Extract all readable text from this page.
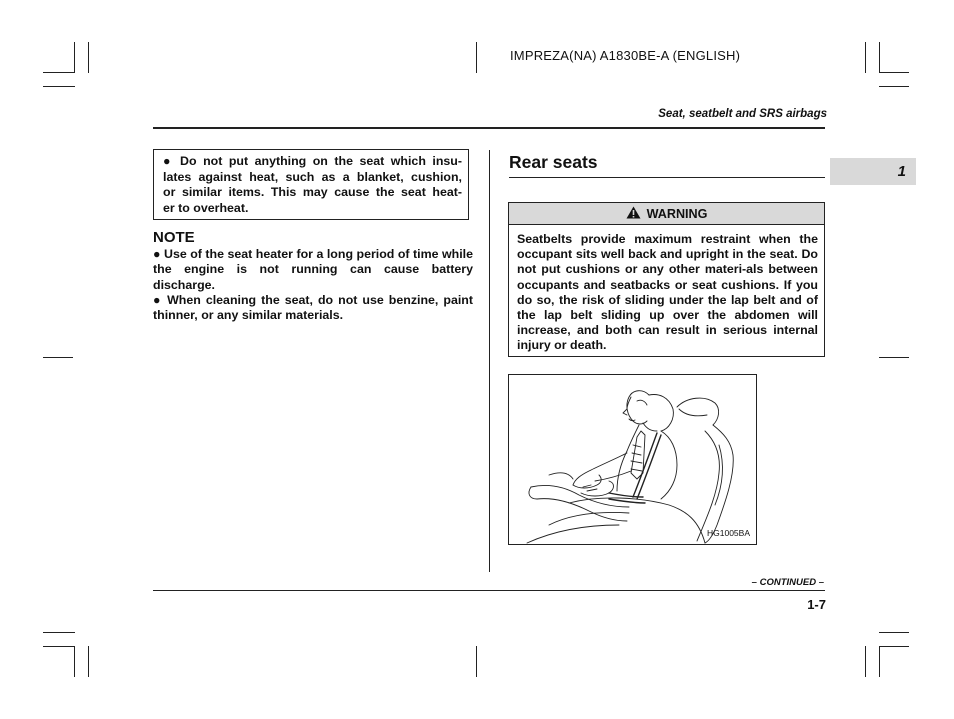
IMPREZA(NA) A1830BE-A (ENGLISH)
Seat, seatbelt and SRS airbags
1
● Do not put anything on the seat which insu-
lates against heat, such as a blanket, cushion,
or similar items. This may cause the seat heat-
er to overheat.
NOTE

● Use of the seat heater for a long period of time while the engine is not running can cause battery discharge.

● When cleaning the seat, do not use benzine, paint thinner, or any similar materials.

Rear seats
WARNING
Seatbelts provide maximum restraint when the occupant sits well back and upright in the seat. Do not put cushions or any other materi-als between occupants and seatbacks or seat cushions. If you do so, the risk of sliding under the lap belt and of the lap belt sliding up over the abdomen will increase, and both can result in serious internal injury or death.
HG1005BA
– CONTINUED –
1-7
